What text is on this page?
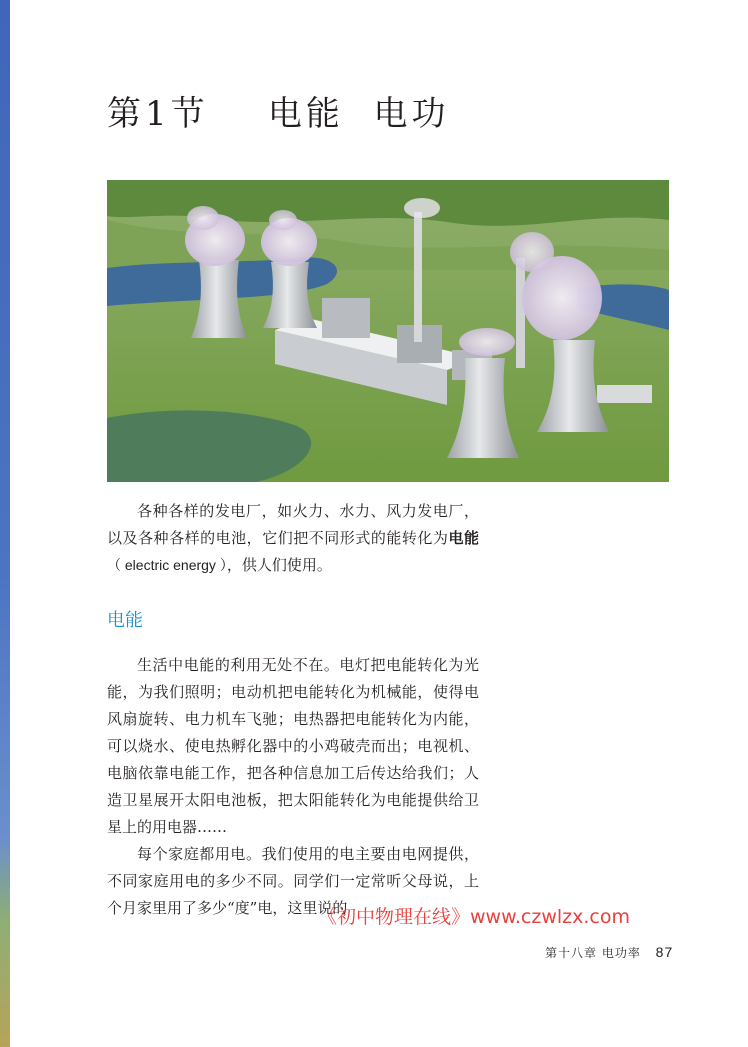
第1节    电能  电功

各种各样的发电厂，如火力、水力、风力发电厂，以及各种各样的电池，它们把不同形式的能转化为电能（ electric energy ），供人们使用。

电能

生活中电能的利用无处不在。电灯把电能转化为光能，为我们照明；电动机把电能转化为机械能，使得电风扇旋转、电力机车飞驰；电热器把电能转化为内能，可以烧水、使电热孵化器中的小鸡破壳而出；电视机、电脑依靠电能工作，把各种信息加工后传达给我们；人造卫星展开太阳电池板，把太阳能转化为电能提供给卫星上的用电器……

每个家庭都用电。我们使用的电主要由电网提供，不同家庭用电的多少不同。同学们一定常听父母说，上个月家里用了多少“度”电，这里说的

《初中物理在线》www.czwlzx.com
第十八章 电功率 87
